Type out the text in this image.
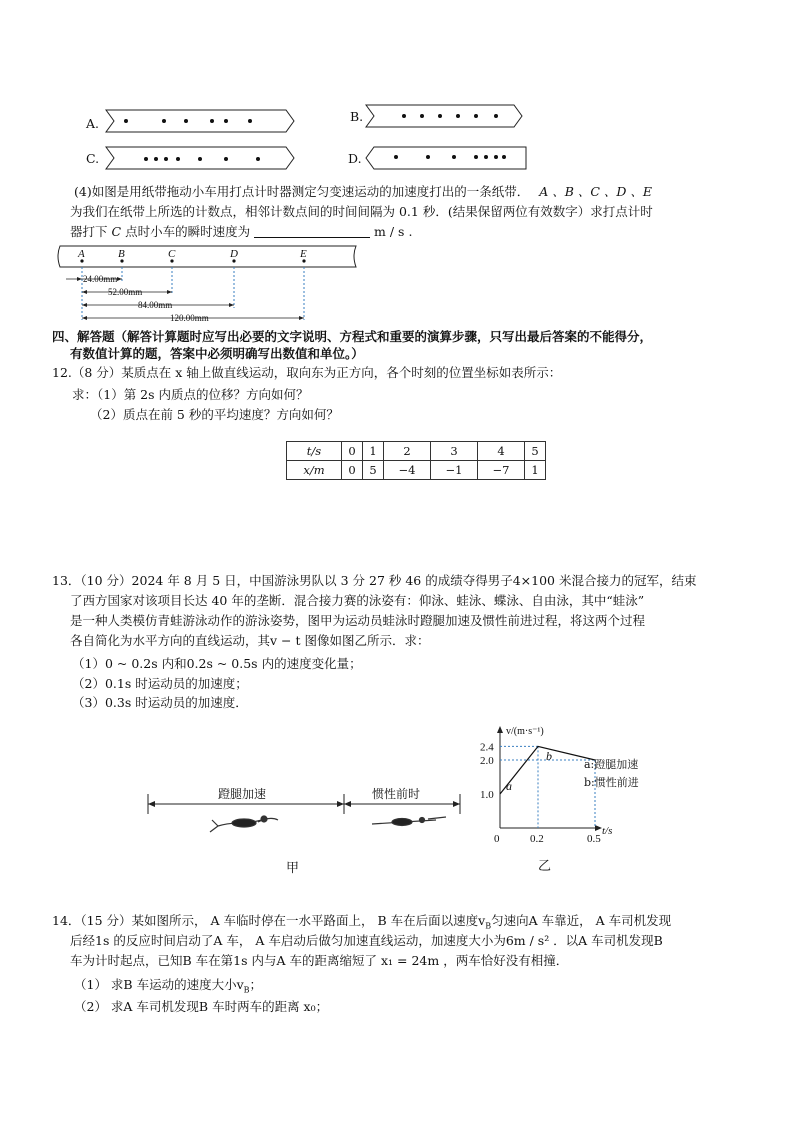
A.	B.
C.	D.
(4)如图是用纸带拖动小车用打点计时器测定匀变速运动的加速度打出的一条纸带． A 、B 、C 、D 、E
为我们在纸带上所选的计数点，相邻计数点间的时间间隔为 0.1 秒．(结果保留两位有效数字）求打点计时
器打下 C 点时小车的瞬时速度为	m / s .
A	B	C	D	E
24.00mm
52.00mm
84.00mm
120.00mm
四、解答题（解答计算题时应写出必要的文字说明、方程式和重要的演算步骤，只写出最后答案的不能得分，
有数值计算的题，答案中必须明确写出数值和单位。）
12.（8 分）某质点在 x 轴上做直线运动，取向东为正方向，各个时刻的位置坐标如表所示：
求：（1）第 2s 内质点的位移？方向如何？
（2）质点在前 5 秒的平均速度？方向如何？
t/s	0	1	2	3	4	5
x/m	0	5	−4	−1	−7	1
13．（10 分）2024 年 8 月 5 日，中国游泳男队以 3 分 27 秒 46 的成绩夺得男子4×100 米混合接力的冠军，结束
了西方国家对该项目长达 40 年的垄断．混合接力赛的泳姿有：仰泳、蛙泳、蝶泳、自由泳，其中“蛙泳”
是一种人类模仿青蛙游泳动作的游泳姿势，图甲为运动员蛙泳时蹬腿加速及惯性前进过程，将这两个过程
各自简化为水平方向的直线运动，其v − t 图像如图乙所示．求：
（1）0 ~ 0.2s 内和0.2s ~ 0.5s 内的速度变化量；
（2）0.1s 时运动员的加速度；
（3）0.3s 时运动员的加速度．
蹬腿加速	惯性前时
甲
v/(m·s⁻¹)
t/s
0
2.4
2.0
1.0
0.2	0.5
b
a
a:蹬腿加速
b:惯性前进
乙
14．（15 分）某如图所示， A 车临时停在一水平路面上， B 车在后面以速度$v_B$匀速向A 车靠近， A 车司机发现
后经1s 的反应时间启动了A 车， A 车启动后做匀加速直线运动，加速度大小为6m / s² ．以A 车司机发现B
车为计时起点，已知B 车在第1s 内与A 车的距离缩短了 x₁ = 24m ，两车恰好没有相撞．
（1） 求B 车运动的速度大小$v_B$；
（2） 求A 车司机发现B 车时两车的距离 x₀；
